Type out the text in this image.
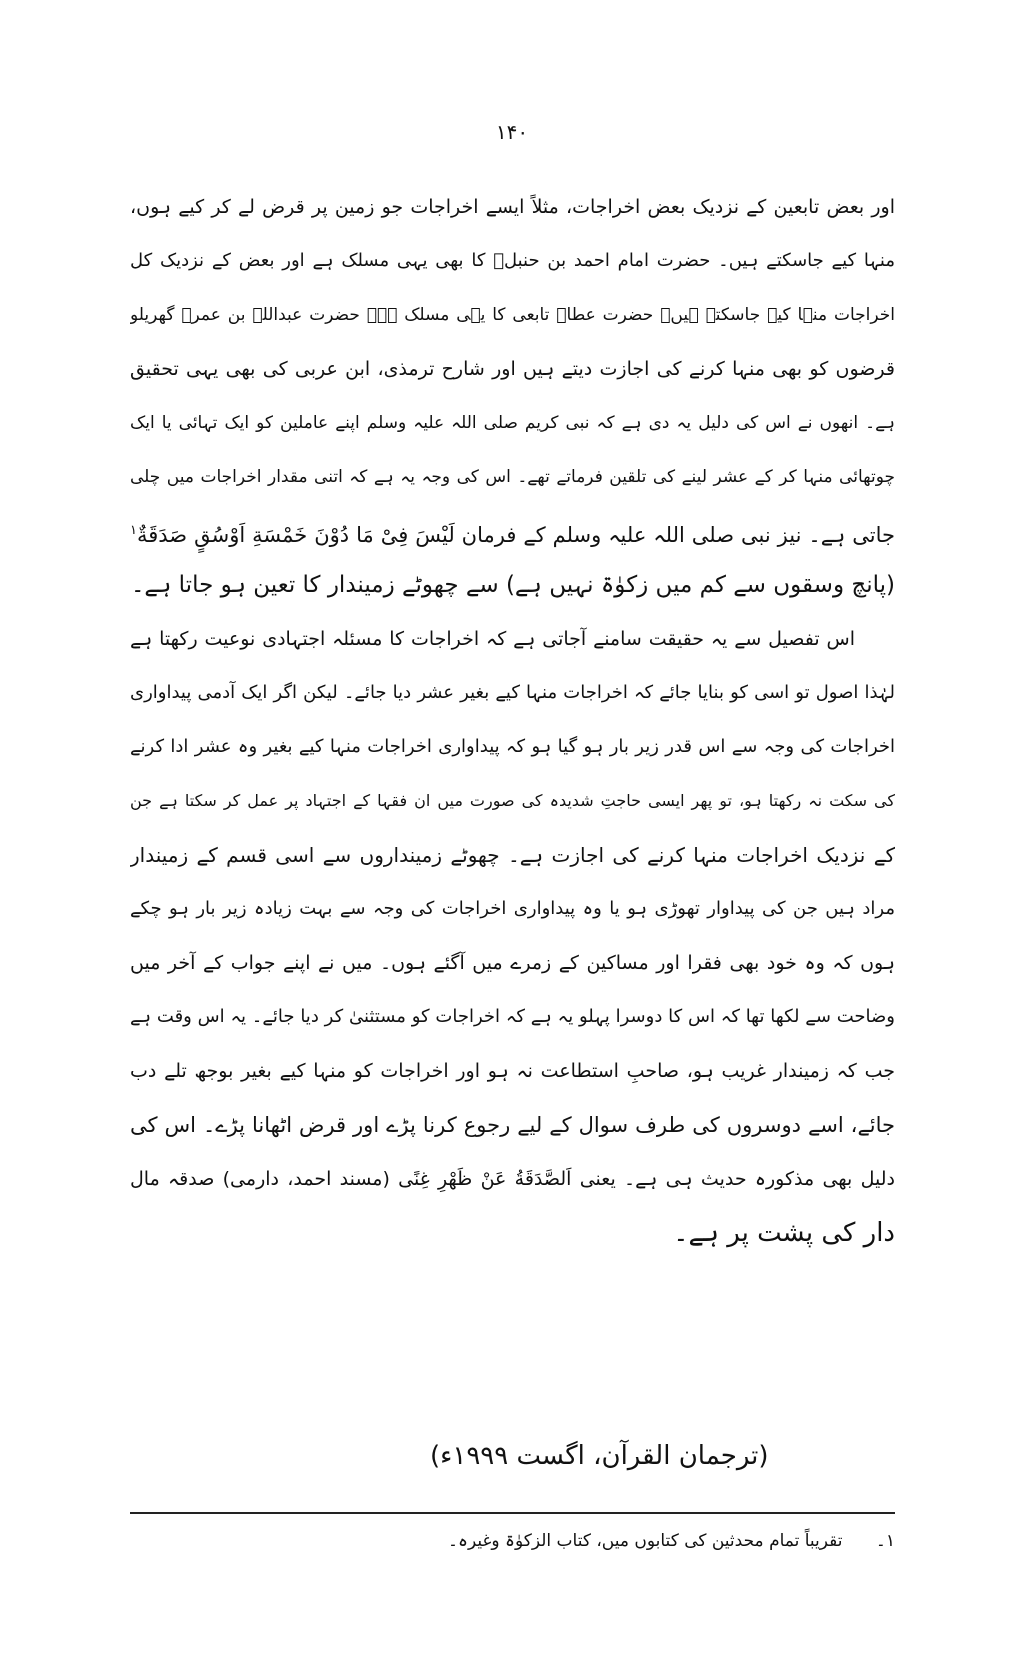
۱۴۰
اور بعض تابعین کے نزدیک بعض اخراجات، مثلاً ایسے اخراجات جو زمین پر قرض لے کر کیے ہوں،
منہا کیے جاسکتے ہیں۔ حضرت امام احمد بن حنبلؒ کا بھی یہی مسلک ہے اور بعض کے نزدیک کل
اخراجات منہا کیے جاسکتے ہیں۔ حضرت عطاؒ تابعی کا یہی مسلک ہے۔ حضرت عبداللہ بن عمرؓ گھریلو
قرضوں کو بھی منہا کرنے کی اجازت دیتے ہیں اور شارح ترمذی، ابن عربی کی بھی یہی تحقیق
ہے۔ انھوں نے اس کی دلیل یہ دی ہے کہ نبی کریم صلی اللہ علیہ وسلم اپنے عاملین کو ایک تہائی یا ایک
چوتھائی منہا کر کے عشر لینے کی تلقین فرماتے تھے۔ اس کی وجہ یہ ہے کہ اتنی مقدار اخراجات میں چلی
جاتی ہے۔ نیز نبی صلی اللہ علیہ وسلم کے فرمان لَیْسَ فِیْ مَا دُوْنَ خَمْسَةِ اَوْسُقٍ صَدَقَةٌ$^۱$
(پانچ وسقوں سے کم میں زکوٰۃ نہیں ہے) سے چھوٹے زمیندار کا تعین ہو جاتا ہے۔
اس تفصیل سے یہ حقیقت سامنے آجاتی ہے کہ اخراجات کا مسئلہ اجتہادی نوعیت رکھتا ہے
لہٰذا اصول تو اسی کو بنایا جائے کہ اخراجات منہا کیے بغیر عشر دیا جائے۔ لیکن اگر ایک آدمی پیداواری
اخراجات کی وجہ سے اس قدر زیر بار ہو گیا ہو کہ پیداواری اخراجات منہا کیے بغیر وہ عشر ادا کرنے
کی سکت نہ رکھتا ہو، تو پھر ایسی حاجتِ شدیدہ کی صورت میں ان فقہا کے اجتہاد پر عمل کر سکتا ہے جن
کے نزدیک اخراجات منہا کرنے کی اجازت ہے۔ چھوٹے زمینداروں سے اسی قسم کے زمیندار
مراد ہیں جن کی پیداوار تھوڑی ہو یا وہ پیداواری اخراجات کی وجہ سے بہت زیادہ زیر بار ہو چکے
ہوں کہ وہ خود بھی فقرا اور مساکین کے زمرے میں آگئے ہوں۔ میں نے اپنے جواب کے آخر میں
وضاحت سے لکھا تھا کہ اس کا دوسرا پہلو یہ ہے کہ اخراجات کو مستثنیٰ کر دیا جائے۔ یہ اس وقت ہے
جب کہ زمیندار غریب ہو، صاحبِ استطاعت نہ ہو اور اخراجات کو منہا کیے بغیر بوجھ تلے دب
جائے، اسے دوسروں کی طرف سوال کے لیے رجوع کرنا پڑے اور قرض اٹھانا پڑے۔ اس کی
دلیل بھی مذکورہ حدیث ہی ہے۔ یعنی اَلصَّدَقَةُ عَنْ ظَهْرِ غِنًی (مسند احمد، دارمی) صدقہ مال
دار کی پشت پر ہے۔
(ترجمان القرآن، اگست ۱۹۹۹ء)
۱۔ تقریباً تمام محدثین کی کتابوں میں، کتاب الزکوٰۃ وغیرہ۔
